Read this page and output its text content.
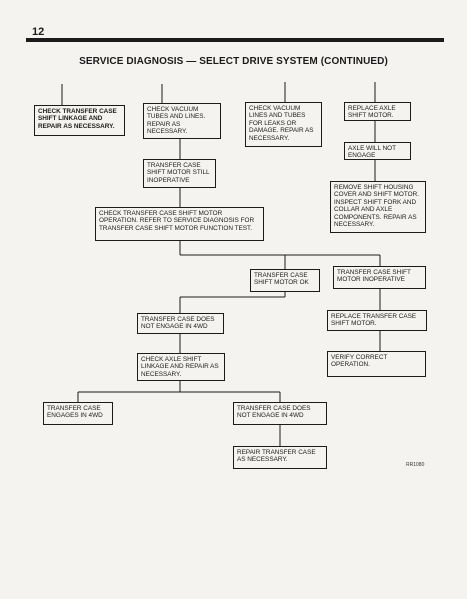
12
SERVICE DIAGNOSIS — SELECT DRIVE SYSTEM (CONTINUED)
CHECK TRANSFER CASE SHIFT LINKAGE AND REPAIR AS NECESSARY.
CHECK VACUUM TUBES AND LINES. REPAIR AS NECESSARY.
CHECK VACUUM LINES AND TUBES FOR LEAKS OR DAMAGE. REPAIR AS NECESSARY.
REPLACE AXLE SHIFT MOTOR.
TRANSFER CASE SHIFT MOTOR STILL INOPERATIVE
AXLE WILL NOT ENGAGE
REMOVE SHIFT HOUSING COVER AND SHIFT MOTOR. INSPECT SHIFT FORK AND COLLAR AND AXLE COMPONENTS. REPAIR AS NECESSARY.
CHECK TRANSFER CASE SHIFT MOTOR OPERATION. REFER TO SERVICE DIAGNOSIS FOR TRANSFER CASE SHIFT MOTOR FUNCTION TEST.
TRANSFER CASE SHIFT MOTOR OK
TRANSFER CASE SHIFT MOTOR INOPERATIVE
TRANSFER CASE DOES NOT ENGAGE IN 4WD
REPLACE TRANSFER CASE SHIFT MOTOR.
CHECK AXLE SHIFT LINKAGE AND REPAIR AS NECESSARY.
VERIFY CORRECT OPERATION.
TRANSFER CASE ENGAGES IN 4WD
TRANSFER CASE DOES NOT ENGAGE IN 4WD
REPAIR TRANSFER CASE AS NECESSARY.
RR1080
